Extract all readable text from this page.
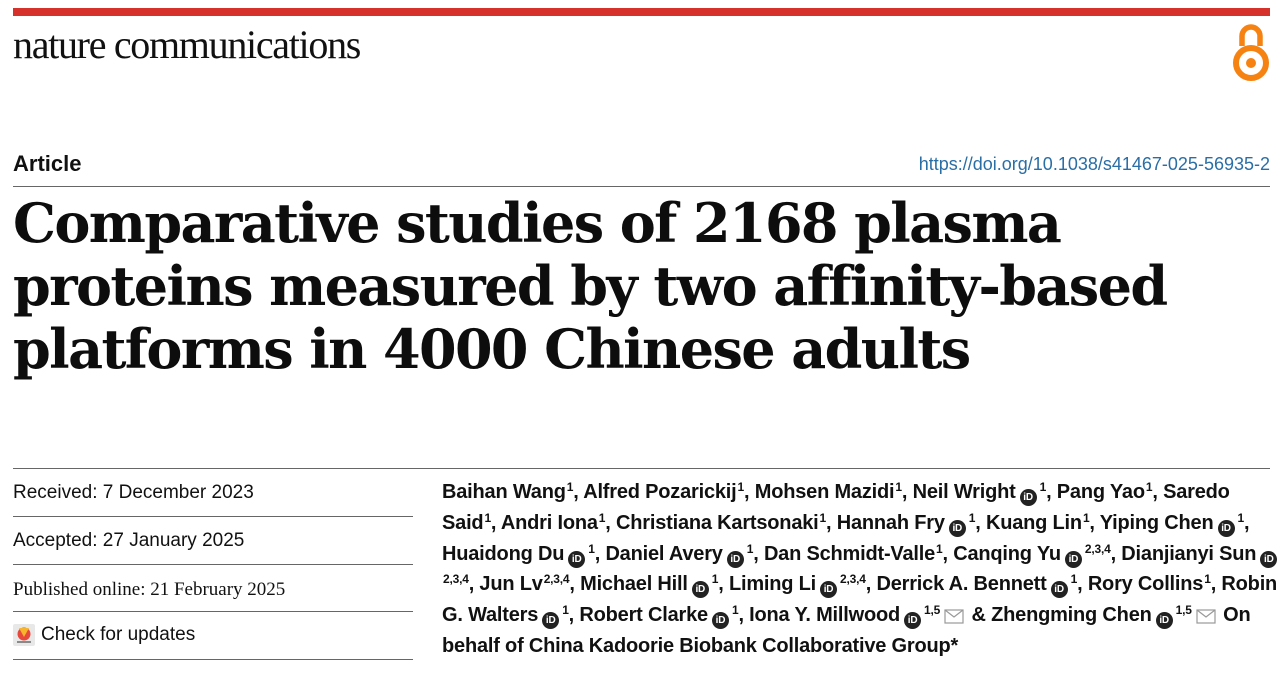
nature communications
Article	https://doi.org/10.1038/s41467-025-56935-2
Comparative studies of 2168 plasma proteins measured by two affinity-based platforms in 4000 Chinese adults
Received: 7 December 2023
Accepted: 27 January 2025
Published online: 21 February 2025
Check for updates
Baihan Wang$^1$, Alfred Pozarickij$^1$, Mohsen Mazidi$^1$, Neil Wright $iD^1$, Pang Yao$^1$, Saredo Said$^1$, Andri Iona$^1$, Christiana Kartsonaki$^1$, Hannah Fry $iD^1$, Kuang Lin$^1$, Yiping Chen $iD^1$, Huaidong Du $iD^1$, Daniel Avery $iD^1$, Dan Schmidt-Valle$^1$, Canqing Yu iD$^{2,3,4}$, Dianjianyi Sun iD$^{2,3,4}$, Jun Lv$^{2,3,4}$, Michael Hill $iD^1$, Liming Li iD$^{2,3,4}$, Derrick A. Bennett $iD^1$, Rory Collins$^1$, Robin G. Walters $iD^1$, Robert Clarke $iD^1$, Iona Y. Millwood iD$^{1,5}$ & Zhengming Chen iD$^{1,5}$ On behalf of China Kadoorie Biobank Collaborative Group*
